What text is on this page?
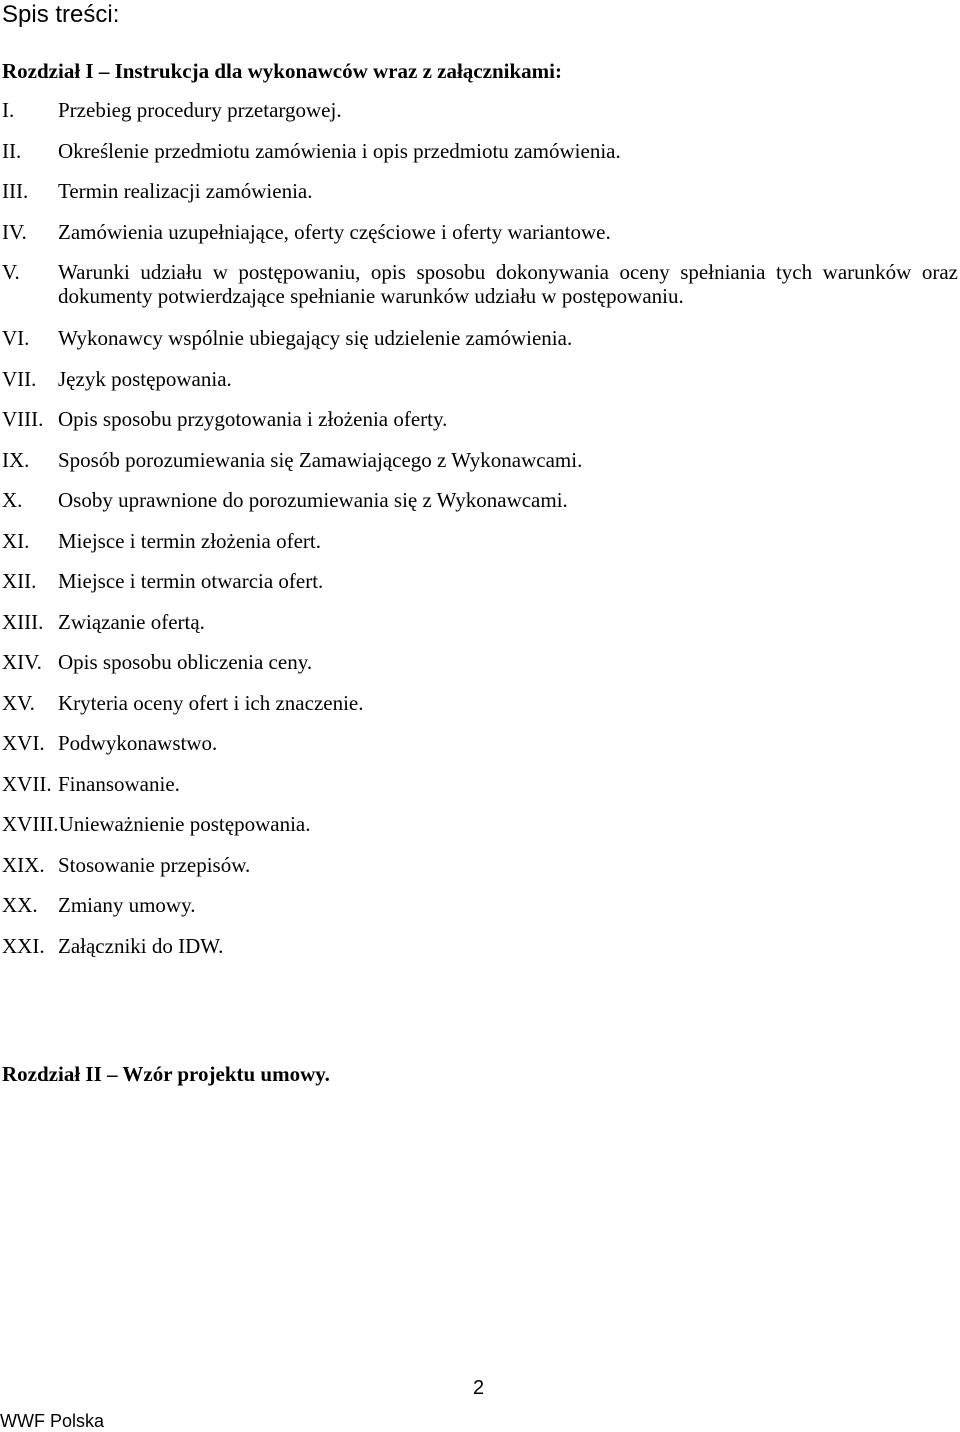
Spis treści:
Rozdział I – Instrukcja dla wykonawców wraz z załącznikami:
I.	Przebieg procedury przetargowej.
II.	Określenie przedmiotu zamówienia i opis przedmiotu zamówienia.
III.	Termin realizacji zamówienia.
IV.	Zamówienia uzupełniające, oferty częściowe i oferty wariantowe.
V.	Warunki udziału w postępowaniu, opis sposobu dokonywania oceny spełniania tych warunków oraz dokumenty potwierdzające spełnianie warunków udziału w postępowaniu.
VI.	Wykonawcy wspólnie ubiegający się udzielenie zamówienia.
VII.	Język postępowania.
VIII. Opis sposobu przygotowania i złożenia oferty.
IX.	Sposób porozumiewania się Zamawiającego z Wykonawcami.
X.	Osoby uprawnione do porozumiewania się z Wykonawcami.
XI.	Miejsce i termin złożenia ofert.
XII.	Miejsce i termin otwarcia ofert.
XIII. Związanie ofertą.
XIV. Opis sposobu obliczenia ceny.
XV.	Kryteria oceny ofert i ich znaczenie.
XVI. Podwykonawstwo.
XVII. Finansowanie.
XVIII. Unieważnienie postępowania.
XIX. Stosowanie przepisów.
XX. Zmiany umowy.
XXI. Załączniki do IDW.
Rozdział II – Wzór projektu umowy.
2
WWF Polska
